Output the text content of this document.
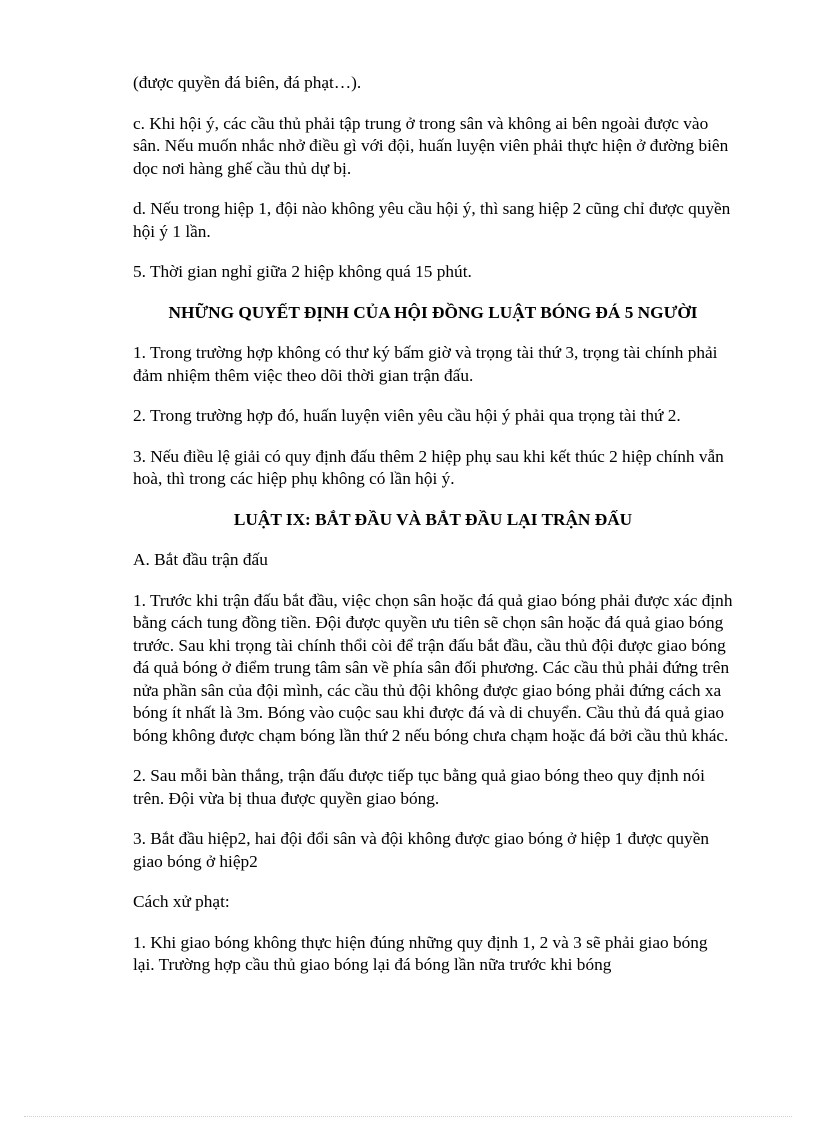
(được quyền đá biên, đá phạt…).

c. Khi hội ý, các cầu thủ phải tập trung ở trong sân và không ai bên ngoài được vào sân. Nếu muốn nhắc nhở điều gì với đội, huấn luyện viên phải thực hiện ở đường biên dọc nơi hàng ghế cầu thủ dự bị.

d. Nếu trong hiệp 1, đội nào không yêu cầu hội ý, thì sang hiệp 2 cũng chỉ được quyền hội ý 1 lần.

5. Thời gian nghỉ giữa 2 hiệp không quá 15 phút.

NHỮNG QUYẾT ĐỊNH CỦA HỘI ĐỒNG LUẬT BÓNG ĐÁ 5 NGƯỜI

1. Trong trường hợp không có thư ký bấm giờ và trọng tài thứ 3, trọng tài chính phải đảm nhiệm thêm việc theo dõi thời gian trận đấu.

2. Trong trường hợp đó, huấn luyện viên yêu cầu hội ý phải qua trọng tài thứ 2.

3. Nếu điều lệ giải có quy định đấu thêm 2 hiệp phụ sau khi kết thúc 2 hiệp chính vẫn hoà, thì trong các hiệp phụ không có lần hội ý.

LUẬT IX: BẮT ĐẦU VÀ BẮT ĐẦU LẠI TRẬN ĐẤU

A. Bắt đầu trận đấu

1. Trước khi trận đấu bắt đầu, việc chọn sân hoặc đá quả giao bóng phải được xác định bằng cách tung đồng tiền. Đội được quyền ưu tiên sẽ chọn sân hoặc đá quả giao bóng trước. Sau khi trọng tài chính thổi còi để trận đấu bắt đầu, cầu thủ đội được giao bóng đá quả bóng ở điểm trung tâm sân về phía sân đối phương. Các cầu thủ phải đứng trên nửa phần sân của đội mình, các cầu thủ đội không được giao bóng phải đứng cách xa bóng ít nhất là 3m. Bóng vào cuộc sau khi được đá và di chuyển. Cầu thủ đá quả giao bóng không được chạm bóng lần thứ 2 nếu bóng chưa chạm hoặc đá bởi cầu thủ khác.

2. Sau mỗi bàn thắng, trận đấu được tiếp tục bằng quả giao bóng theo quy định nói trên. Đội vừa bị thua được quyền giao bóng.

3. Bắt đầu hiệp2, hai đội đổi sân và đội không được giao bóng ở hiệp 1 được quyền giao bóng ở hiệp2

Cách xử phạt:

1. Khi giao bóng không thực hiện đúng những quy định 1, 2 và 3 sẽ phải giao bóng lại. Trường hợp cầu thủ giao bóng lại đá bóng lần nữa trước khi bóng
